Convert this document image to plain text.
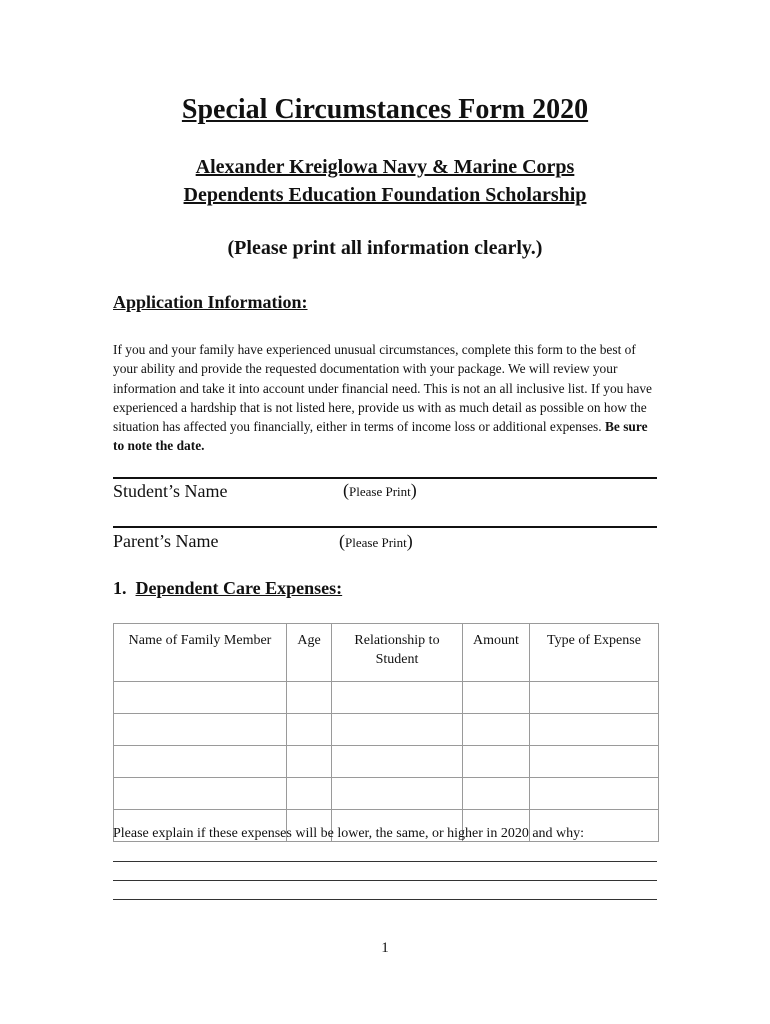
Special Circumstances Form 2020
Alexander Kreiglowa Navy & Marine Corps
Dependents Education Foundation Scholarship
(Please print all information clearly.)
Application Information:
If you and your family have experienced unusual circumstances, complete this form to the best of your ability and provide the requested documentation with your package. We will review your information and take it into account under financial need. This is not an all inclusive list. If you have experienced a hardship that is not listed here, provide us with as much detail as possible on how the situation has affected you financially, either in terms of income loss or additional expenses. Be sure to note the date.
Student’s Name	(Please Print)
Parent’s Name	(Please Print)
1. Dependent Care Expenses:
Name of Family Member	Age	Relationship to Student	Amount	Type of Expense

Please explain if these expenses will be lower, the same, or higher in 2020 and why:
1
